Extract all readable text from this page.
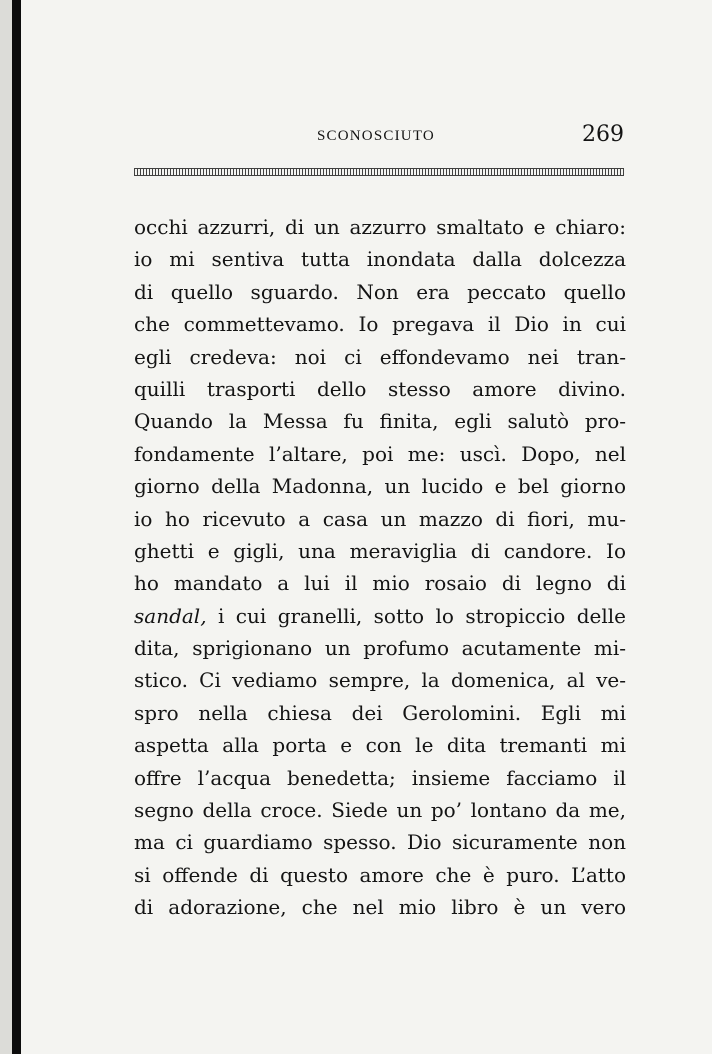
SCONOSCIUTO	269
occhi azzurri, di un azzurro smaltato e chiaro:
io mi sentiva tutta inondata dalla dolcezza
di quello sguardo. Non era peccato quello
che commettevamo. Io pregava il Dio in cui
egli credeva: noi ci effondevamo nei tran-
quilli trasporti dello stesso amore divino.
Quando la Messa fu finita, egli salutò pro-
fondamente l’altare, poi me: uscì. Dopo, nel
giorno della Madonna, un lucido e bel giorno
io ho ricevuto a casa un mazzo di fiori, mu-
ghetti e gigli, una meraviglia di candore. Io
ho mandato a lui il mio rosaio di legno di
sandal, i cui granelli, sotto lo stropiccio delle
dita, sprigionano un profumo acutamente mi-
stico. Ci vediamo sempre, la domenica, al ve-
spro nella chiesa dei Gerolomini. Egli mi
aspetta alla porta e con le dita tremanti mi
offre l’acqua benedetta; insieme facciamo il
segno della croce. Siede un po’ lontano da me,
ma ci guardiamo spesso. Dio sicuramente non
si offende di questo amore che è puro. L’atto
di adorazione, che nel mio libro è un vero
